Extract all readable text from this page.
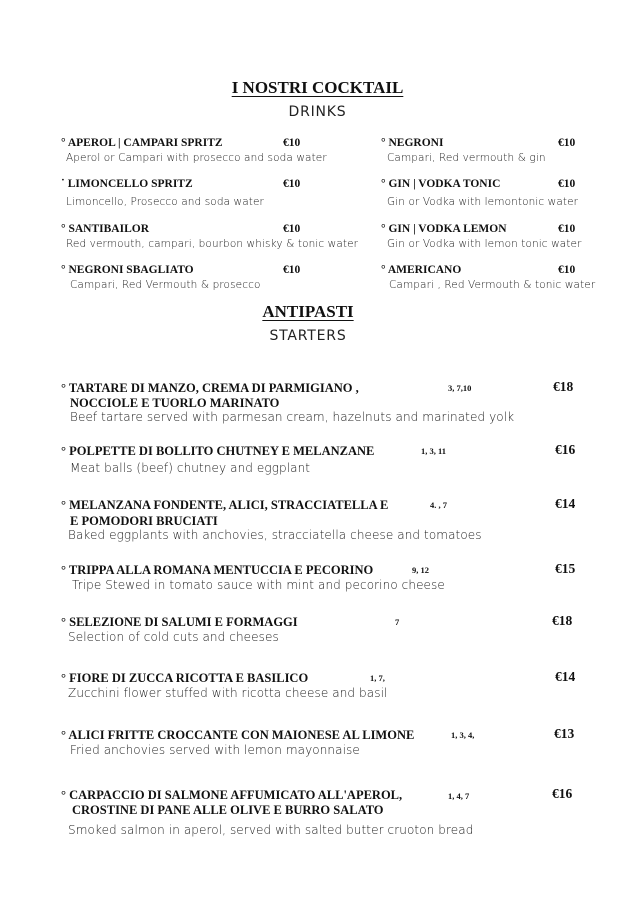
I NOSTRI COCKTAIL
DRINKS
° APEROL | CAMPARI SPRITZ	€10
Aperol or Campari with prosecco and soda water
˙ LIMONCELLO SPRITZ	€10
Limoncello, Prosecco and soda water
° SANTIBAILOR	€10
Red vermouth, campari, bourbon whisky & tonic water
° NEGRONI SBAGLIATO	€10
Campari, Red Vermouth & prosecco
° NEGRONI	€10
Campari, Red vermouth & gin
° GIN | VODKA TONIC	€10
Gin or Vodka with lemontonic water
° GIN | VODKA LEMON	€10
Gin or Vodka with lemon tonic water
° AMERICANO	€10
Campari , Red Vermouth & tonic water
ANTIPASTI
STARTERS
° TARTARE DI MANZO, CREMA DI PARMIGIANO ,
NOCCIOLE E TUORLO MARINATO
3, 7,10	€18
Beef tartare served with parmesan cream, hazelnuts and marinated yolk
° POLPETTE DI BOLLITO CHUTNEY E MELANZANE	1, 3, 11	€16
Meat balls (beef) chutney and eggplant
° MELANZANA FONDENTE, ALICI, STRACCIATELLA E
E POMODORI BRUCIATI
4. , 7	€14
Baked eggplants with anchovies, stracciatella cheese and tomatoes
° TRIPPA ALLA ROMANA MENTUCCIA E PECORINO	9, 12	€15
Tripe Stewed in tomato sauce with mint and pecorino cheese
° SELEZIONE DI SALUMI E FORMAGGI	7	€18
Selection of cold cuts and cheeses
° FIORE DI ZUCCA RICOTTA E BASILICO	1, 7,	€14
Zucchini flower stuffed with ricotta cheese and basil
° ALICI FRITTE CROCCANTE CON MAIONESE AL LIMONE	1, 3, 4,	€13
Fried anchovies served with lemon mayonnaise
° CARPACCIO DI SALMONE AFFUMICATO ALL'APEROL,
CROSTINE DI PANE ALLE OLIVE E BURRO SALATO
1, 4, 7	€16
Smoked salmon in aperol, served with salted butter cruoton bread
